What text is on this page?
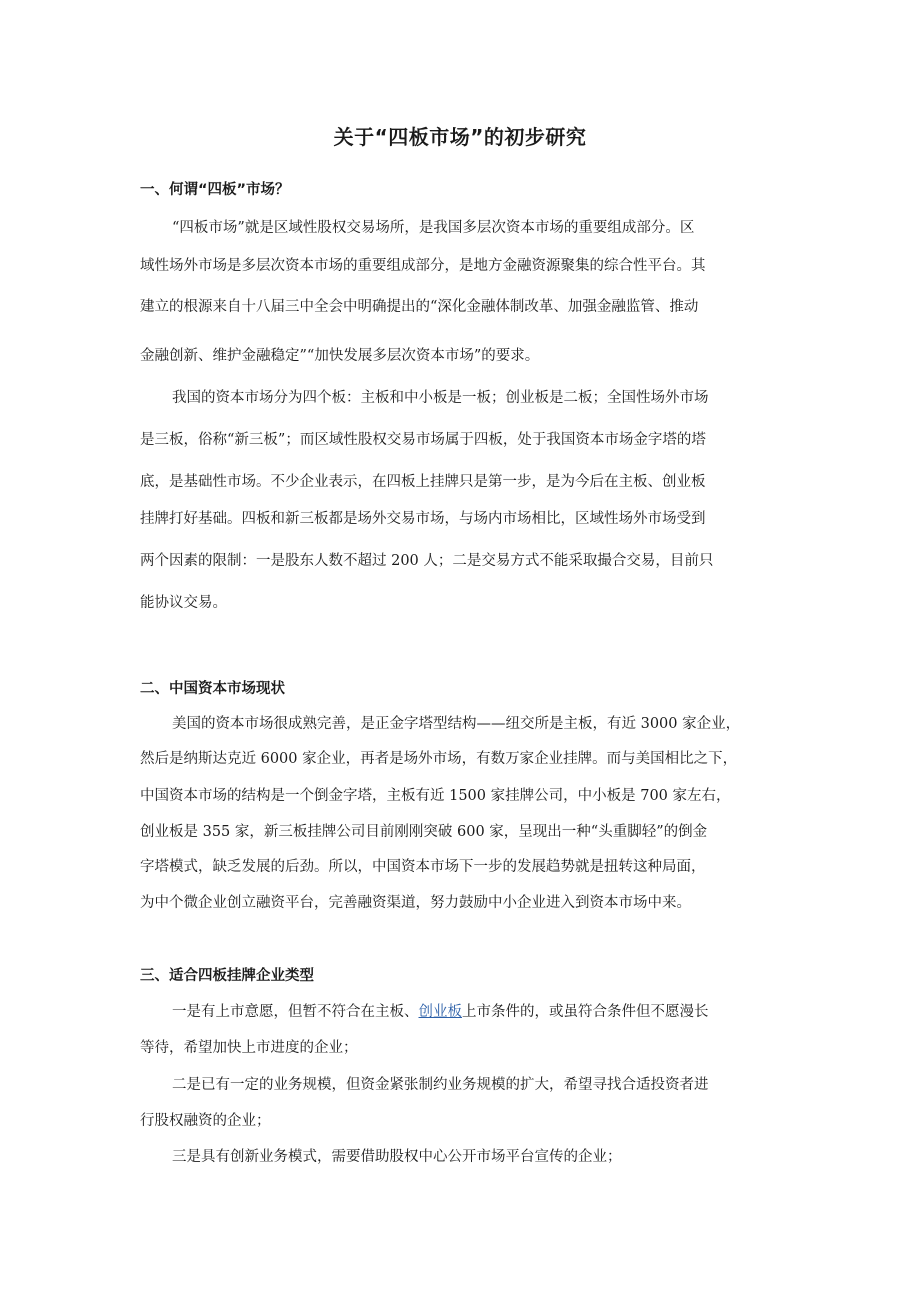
关于“四板市场”的初步研究
一、何谓“四板”市场？

“四板市场”就是区域性股权交易场所，是我国多层次资本市场的重要组成部分。区

域性场外市场是多层次资本市场的重要组成部分，是地方金融资源聚集的综合性平台。其

建立的根源来自十八届三中全会中明确提出的“深化金融体制改革、加强金融监管、推动

金融创新、维护金融稳定”“加快发展多层次资本市场”的要求。

我国的资本市场分为四个板：主板和中小板是一板；创业板是二板；全国性场外市场

是三板，俗称“新三板”；而区域性股权交易市场属于四板，处于我国资本市场金字塔的塔

底，是基础性市场。不少企业表示，在四板上挂牌只是第一步，是为今后在主板、创业板

挂牌打好基础。四板和新三板都是场外交易市场，与场内市场相比，区域性场外市场受到

两个因素的限制：一是股东人数不超过 200 人；二是交易方式不能采取撮合交易，目前只

能协议交易。

二、中国资本市场现状

美国的资本市场很成熟完善，是正金字塔型结构——纽交所是主板，有近 3000 家企业，

然后是纳斯达克近 6000 家企业，再者是场外市场，有数万家企业挂牌。而与美国相比之下，

中国资本市场的结构是一个倒金字塔，主板有近 1500 家挂牌公司，中小板是 700 家左右，

创业板是 355 家，新三板挂牌公司目前刚刚突破 600 家，呈现出一种“头重脚轻”的倒金

字塔模式，缺乏发展的后劲。所以，中国资本市场下一步的发展趋势就是扭转这种局面，

为中个微企业创立融资平台，完善融资渠道，努力鼓励中小企业进入到资本市场中来。

三、适合四板挂牌企业类型

一是有上市意愿，但暂不符合在主板、创业板上市条件的，或虽符合条件但不愿漫长

等待，希望加快上市进度的企业；

二是已有一定的业务规模，但资金紧张制约业务规模的扩大，希望寻找合适投资者进

行股权融资的企业；

三是具有创新业务模式，需要借助股权中心公开市场平台宣传的企业；
